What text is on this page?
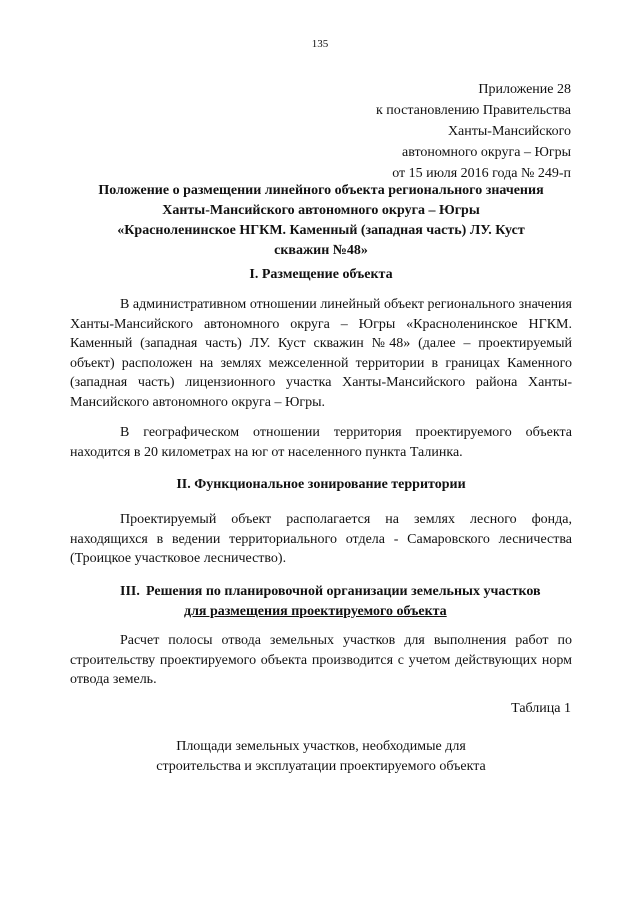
135
Приложение 28
к постановлению Правительства
Ханты-Мансийского
автономного округа – Югры
от 15 июля 2016 года № 249-п
Положение о размещении линейного объекта регионального значения
Ханты-Мансийского автономного округа – Югры
«Красноленинское НГКМ. Каменный (западная часть) ЛУ. Куст
скважин №48»
I. Размещение объекта
В административном отношении линейный объект регионального значения Ханты-Мансийского автономного округа – Югры «Красноленинское НГКМ. Каменный (западная часть) ЛУ. Куст скважин №48» (далее – проектируемый объект) расположен на землях межселенной территории в границах Каменного (западная часть) лицензионного участка Ханты-Мансийского района Ханты-Мансийского автономного округа – Югры.
В географическом отношении территория проектируемого объекта находится в 20 километрах на юг от населенного пункта Талинка.
II. Функциональное зонирование территории
Проектируемый объект располагается на землях лесного фонда, находящихся в ведении территориального отдела - Самаровского лесничества (Троицкое участковое лесничество).
III. Решения по планировочной организации земельных участков
для размещения проектируемого объекта
Расчет полосы отвода земельных участков для выполнения работ по строительству проектируемого объекта производится с учетом действующих норм отвода земель.
Таблица 1
Площади земельных участков, необходимые для
строительства и эксплуатации проектируемого объекта
